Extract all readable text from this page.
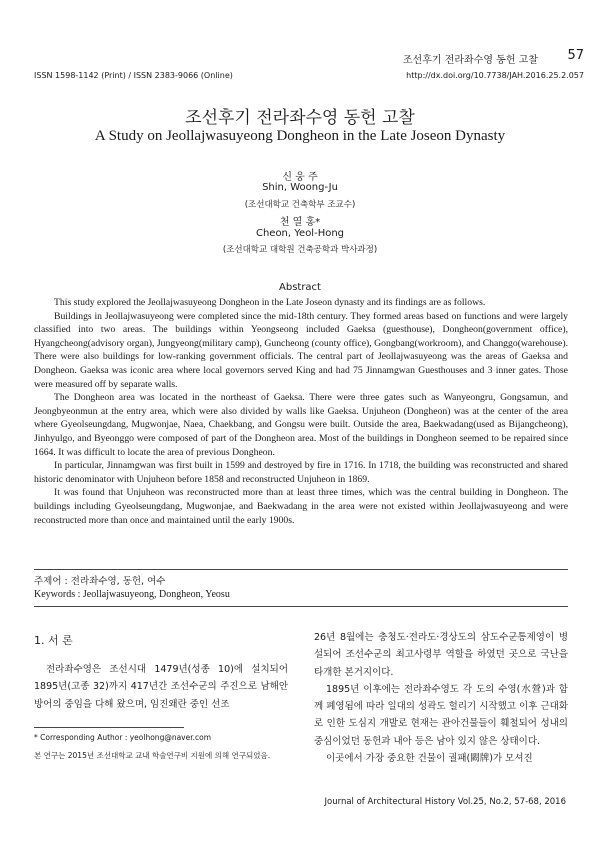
조선후기 전라좌수영 동헌 고찰 57
ISSN 1598-1142 (Print) / ISSN 2383-9066 (Online)	http://dx.doi.org/10.7738/JAH.2016.25.2.057
조선후기 전라좌수영 동헌 고찰
A Study on Jeollajwasuyeong Dongheon in the Late Joseon Dynasty
신 웅 주
Shin, Woong-Ju
(조선대학교 건축학부 조교수)
천 열 홍*
Cheon, Yeol-Hong
(조선대학교 대학원 건축공학과 박사과정)
Abstract

This study explored the Jeollajwasuyeong Dongheon in the Late Joseon dynasty and its findings are as follows.

Buildings in Jeollajwasuyeong were completed since the mid-18th century. They formed areas based on functions and were largely classified into two areas. The buildings within Yeongseong included Gaeksa (guesthouse), Dongheon(government office), Hyangcheong(advisory organ), Jungyeong(military camp), Guncheong (county office), Gongbang(workroom), and Changgo(warehouse). There were also buildings for low-ranking government officials. The central part of Jeollajwasuyeong was the areas of Gaeksa and Dongheon. Gaeksa was iconic area where local governors served King and had 75 Jinnamgwan Guesthouses and 3 inner gates. Those were measured off by separate walls.

The Dongheon area was located in the northeast of Gaeksa. There were three gates such as Wanyeongru, Gongsamun, and Jeongbyeonmun at the entry area, which were also divided by walls like Gaeksa. Unjuheon (Dongheon) was at the center of the area where Gyeolseungdang, Mugwonjae, Naea, Chaekbang, and Gongsu were built. Outside the area, Baekwadang(used as Bijangcheong), Jinhyulgo, and Byeonggo were composed of part of the Dongheon area. Most of the buildings in Dongheon seemed to be repaired since 1664. It was difficult to locate the area of previous Dongheon.

In particular, Jinnamgwan was first built in 1599 and destroyed by fire in 1716. In 1718, the building was reconstructed and shared historic denominator with Unjuheon before 1858 and reconstructed Unjuheon in 1869.

It was found that Unjuheon was reconstructed more than at least three times, which was the central building in Dongheon. The buildings including Gyeolseungdang, Mugwonjae, and Baekwadang in the area were not existed within Jeollajwasuyeong and were reconstructed more than once and maintained until the early 1900s.

주제어 : 전라좌수영, 동헌, 여수
Keywords : Jeollajwasuyeong, Dongheon, Yeosu
1. 서 론

전라좌수영은 조선시대 1479년(성종 10)에 설치되어 1895년(고종 32)까지 417년간 조선수군의 주진으로 남해안 방어의 중임을 다해 왔으며, 임진왜란 중인 선조

* Corresponding Author : yeolhong@naver.com
본 연구는 2015년 조선대학교 교내 학술연구비 지원에 의해 연구되었음.

26년 8월에는 충청도·전라도·경상도의 삼도수군통제영이 병설되어 조선수군의 최고사령부 역할을 하였던 곳으로 국난을 타개한 본거지이다.

1895년 이후에는 전라좌수영도 각 도의 수영(水營)과 함께 폐영됨에 따라 일대의 성곽도 헐리기 시작했고 이후 근대화로 인한 도심지 개발로 현재는 관아건물들이 훼철되어 성내의 중심이었던 동헌과 내아 등은 남아 있지 않은 상태이다.

이곳에서 가장 중요한 건물이 궐패(闕牌)가 모셔진

Journal of Architectural History Vol.25, No.2, 57-68, 2016
